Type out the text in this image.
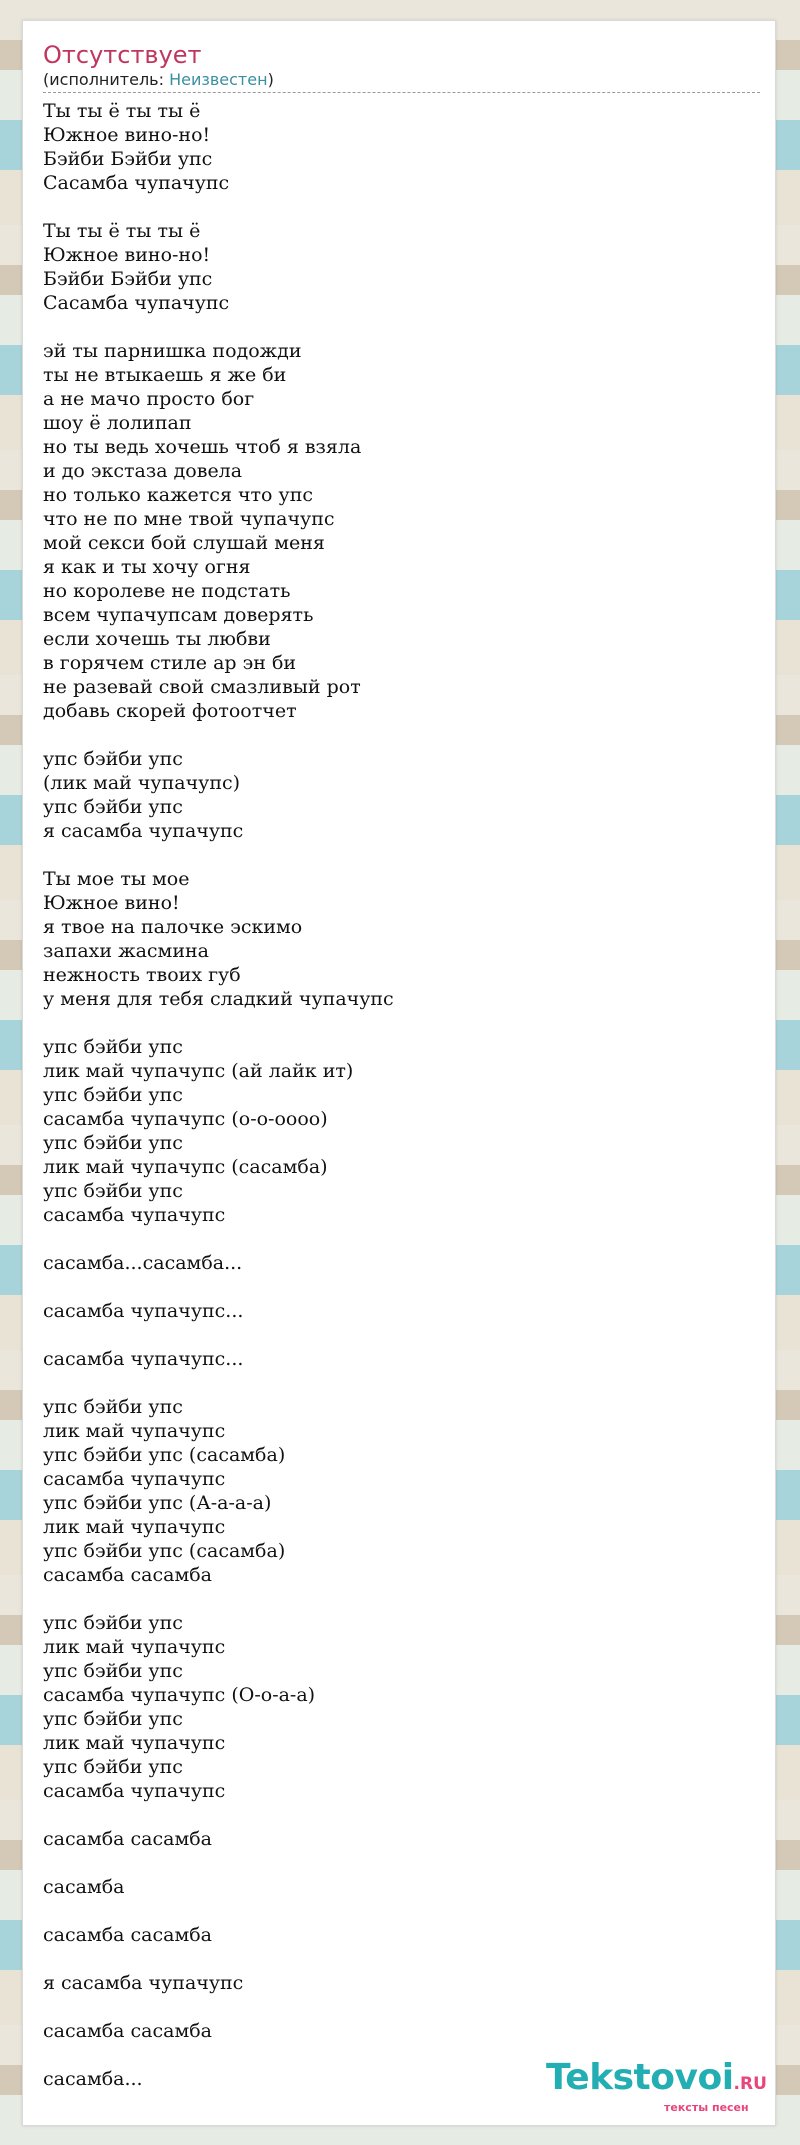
Отсутствует
(исполнитель: Неизвестен)
Ты ты ё ты ты ё
Южное вино-но!
Бэйби Бэйби упс
Сасамба чупачупс

Ты ты ё ты ты ё
Южное вино-но!
Бэйби Бэйби упс
Сасамба чупачупс

эй ты парнишка подожди
ты не втыкаешь я же би
а не мачо просто бог
шоу ё лолипап
но ты ведь хочешь чтоб я взяла
и до экстаза довела
но только кажется что упс
что не по мне твой чупачупс
мой секси бой слушай меня
я как и ты хочу огня
но королеве не подстать
всем чупачупсам доверять
если хочешь ты любви
в горячем стиле ар эн би
не разевай свой смазливый рот
добавь скорей фотоотчет

упс бэйби упс
(лик май чупачупс)
упс бэйби упс
я сасамба чупачупс

Ты мое ты мое
Южное вино!
я твое на палочке эскимо
запахи жасмина
нежность твоих губ
у меня для тебя сладкий чупачупс

упс бэйби упс
лик май чупачупс (ай лайк ит)
упс бэйби упс
сасамба чупачупс (о-о-оооо)
упс бэйби упс
лик май чупачупс (сасамба)
упс бэйби упс
сасамба чупачупс

сасамба...сасамба...

сасамба чупачупс...

сасамба чупачупс...

упс бэйби упс
лик май чупачупс
упс бэйби упс (сасамба)
сасамба чупачупс
упс бэйби упс (А-а-а-а)
лик май чупачупс
упс бэйби упс (сасамба)
сасамба сасамба

упс бэйби упс
лик май чупачупс
упс бэйби упс
сасамба чупачупс (О-о-а-а)
упс бэйби упс
лик май чупачупс
упс бэйби упс
сасамба чупачупс

сасамба сасамба

сасамба

сасамба сасамба

я сасамба чупачупс

сасамба сасамба

сасамба...	Tekstovoi.RU
тексты песен
